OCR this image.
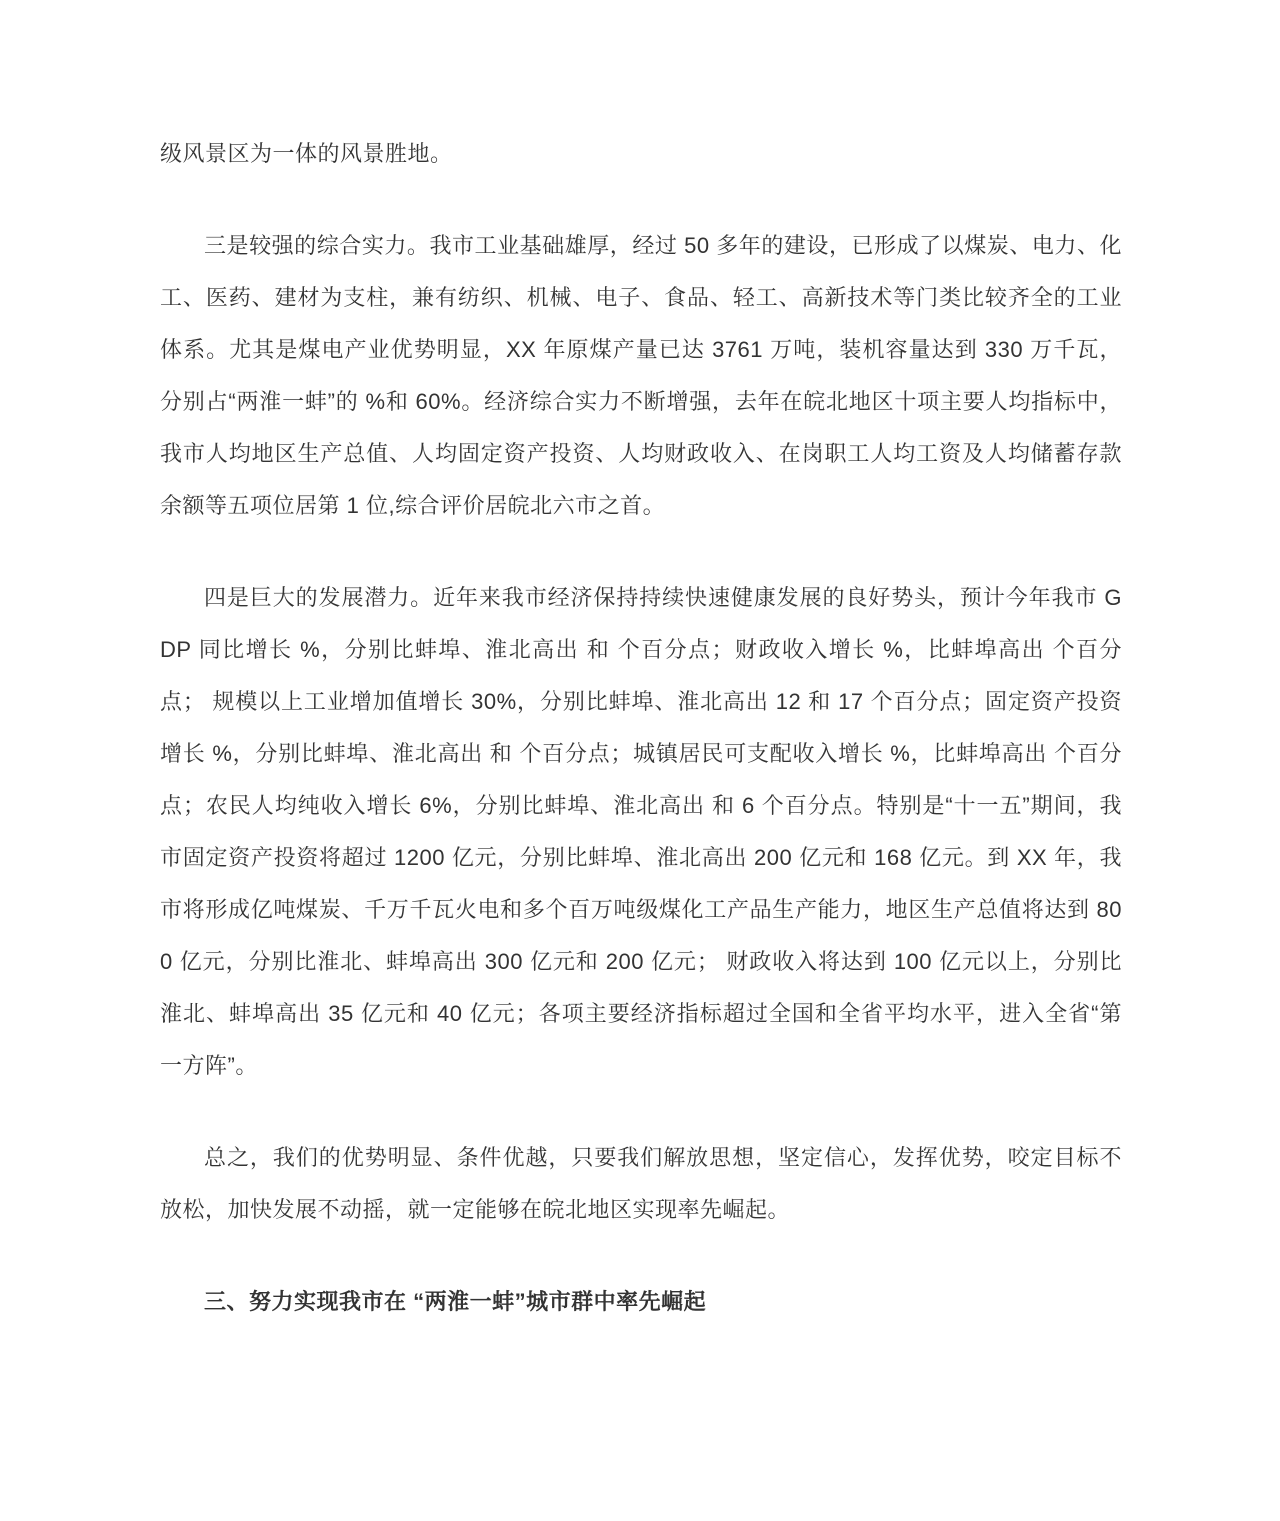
级风景区为一体的风景胜地。

三是较强的综合实力。我市工业基础雄厚，经过 50 多年的建设，已形成了以煤炭、电力、化工、医药、建材为支柱，兼有纺织、机械、电子、食品、轻工、高新技术等门类比较齐全的工业体系。尤其是煤电产业优势明显，XX 年原煤产量已达 3761 万吨，装机容量达到 330 万千瓦，分别占“两淮一蚌”的 %和 60%。经济综合实力不断增强，去年在皖北地区十项主要人均指标中，我市人均地区生产总值、人均固定资产投资、人均财政收入、在岗职工人均工资及人均储蓄存款余额等五项位居第 1 位,综合评价居皖北六市之首。

四是巨大的发展潜力。近年来我市经济保持持续快速健康发展的良好势头，预计今年我市 GDP 同比增长 %，分别比蚌埠、淮北高出 和 个百分点；财政收入增长 %，比蚌埠高出 个百分点； 规模以上工业增加值增长 30%，分别比蚌埠、淮北高出 12 和 17 个百分点；固定资产投资增长 %，分别比蚌埠、淮北高出 和 个百分点；城镇居民可支配收入增长 %，比蚌埠高出 个百分点；农民人均纯收入增长 6%，分别比蚌埠、淮北高出 和 6 个百分点。特别是“十一五”期间，我市固定资产投资将超过 1200 亿元，分别比蚌埠、淮北高出 200 亿元和 168 亿元。到 XX 年，我市将形成亿吨煤炭、千万千瓦火电和多个百万吨级煤化工产品生产能力，地区生产总值将达到 800 亿元，分别比淮北、蚌埠高出 300 亿元和 200 亿元； 财政收入将达到 100 亿元以上，分别比淮北、蚌埠高出 35 亿元和 40 亿元；各项主要经济指标超过全国和全省平均水平，进入全省“第一方阵”。

总之，我们的优势明显、条件优越，只要我们解放思想，坚定信心，发挥优势，咬定目标不放松，加快发展不动摇，就一定能够在皖北地区实现率先崛起。

三、努力实现我市在 “两淮一蚌”城市群中率先崛起
